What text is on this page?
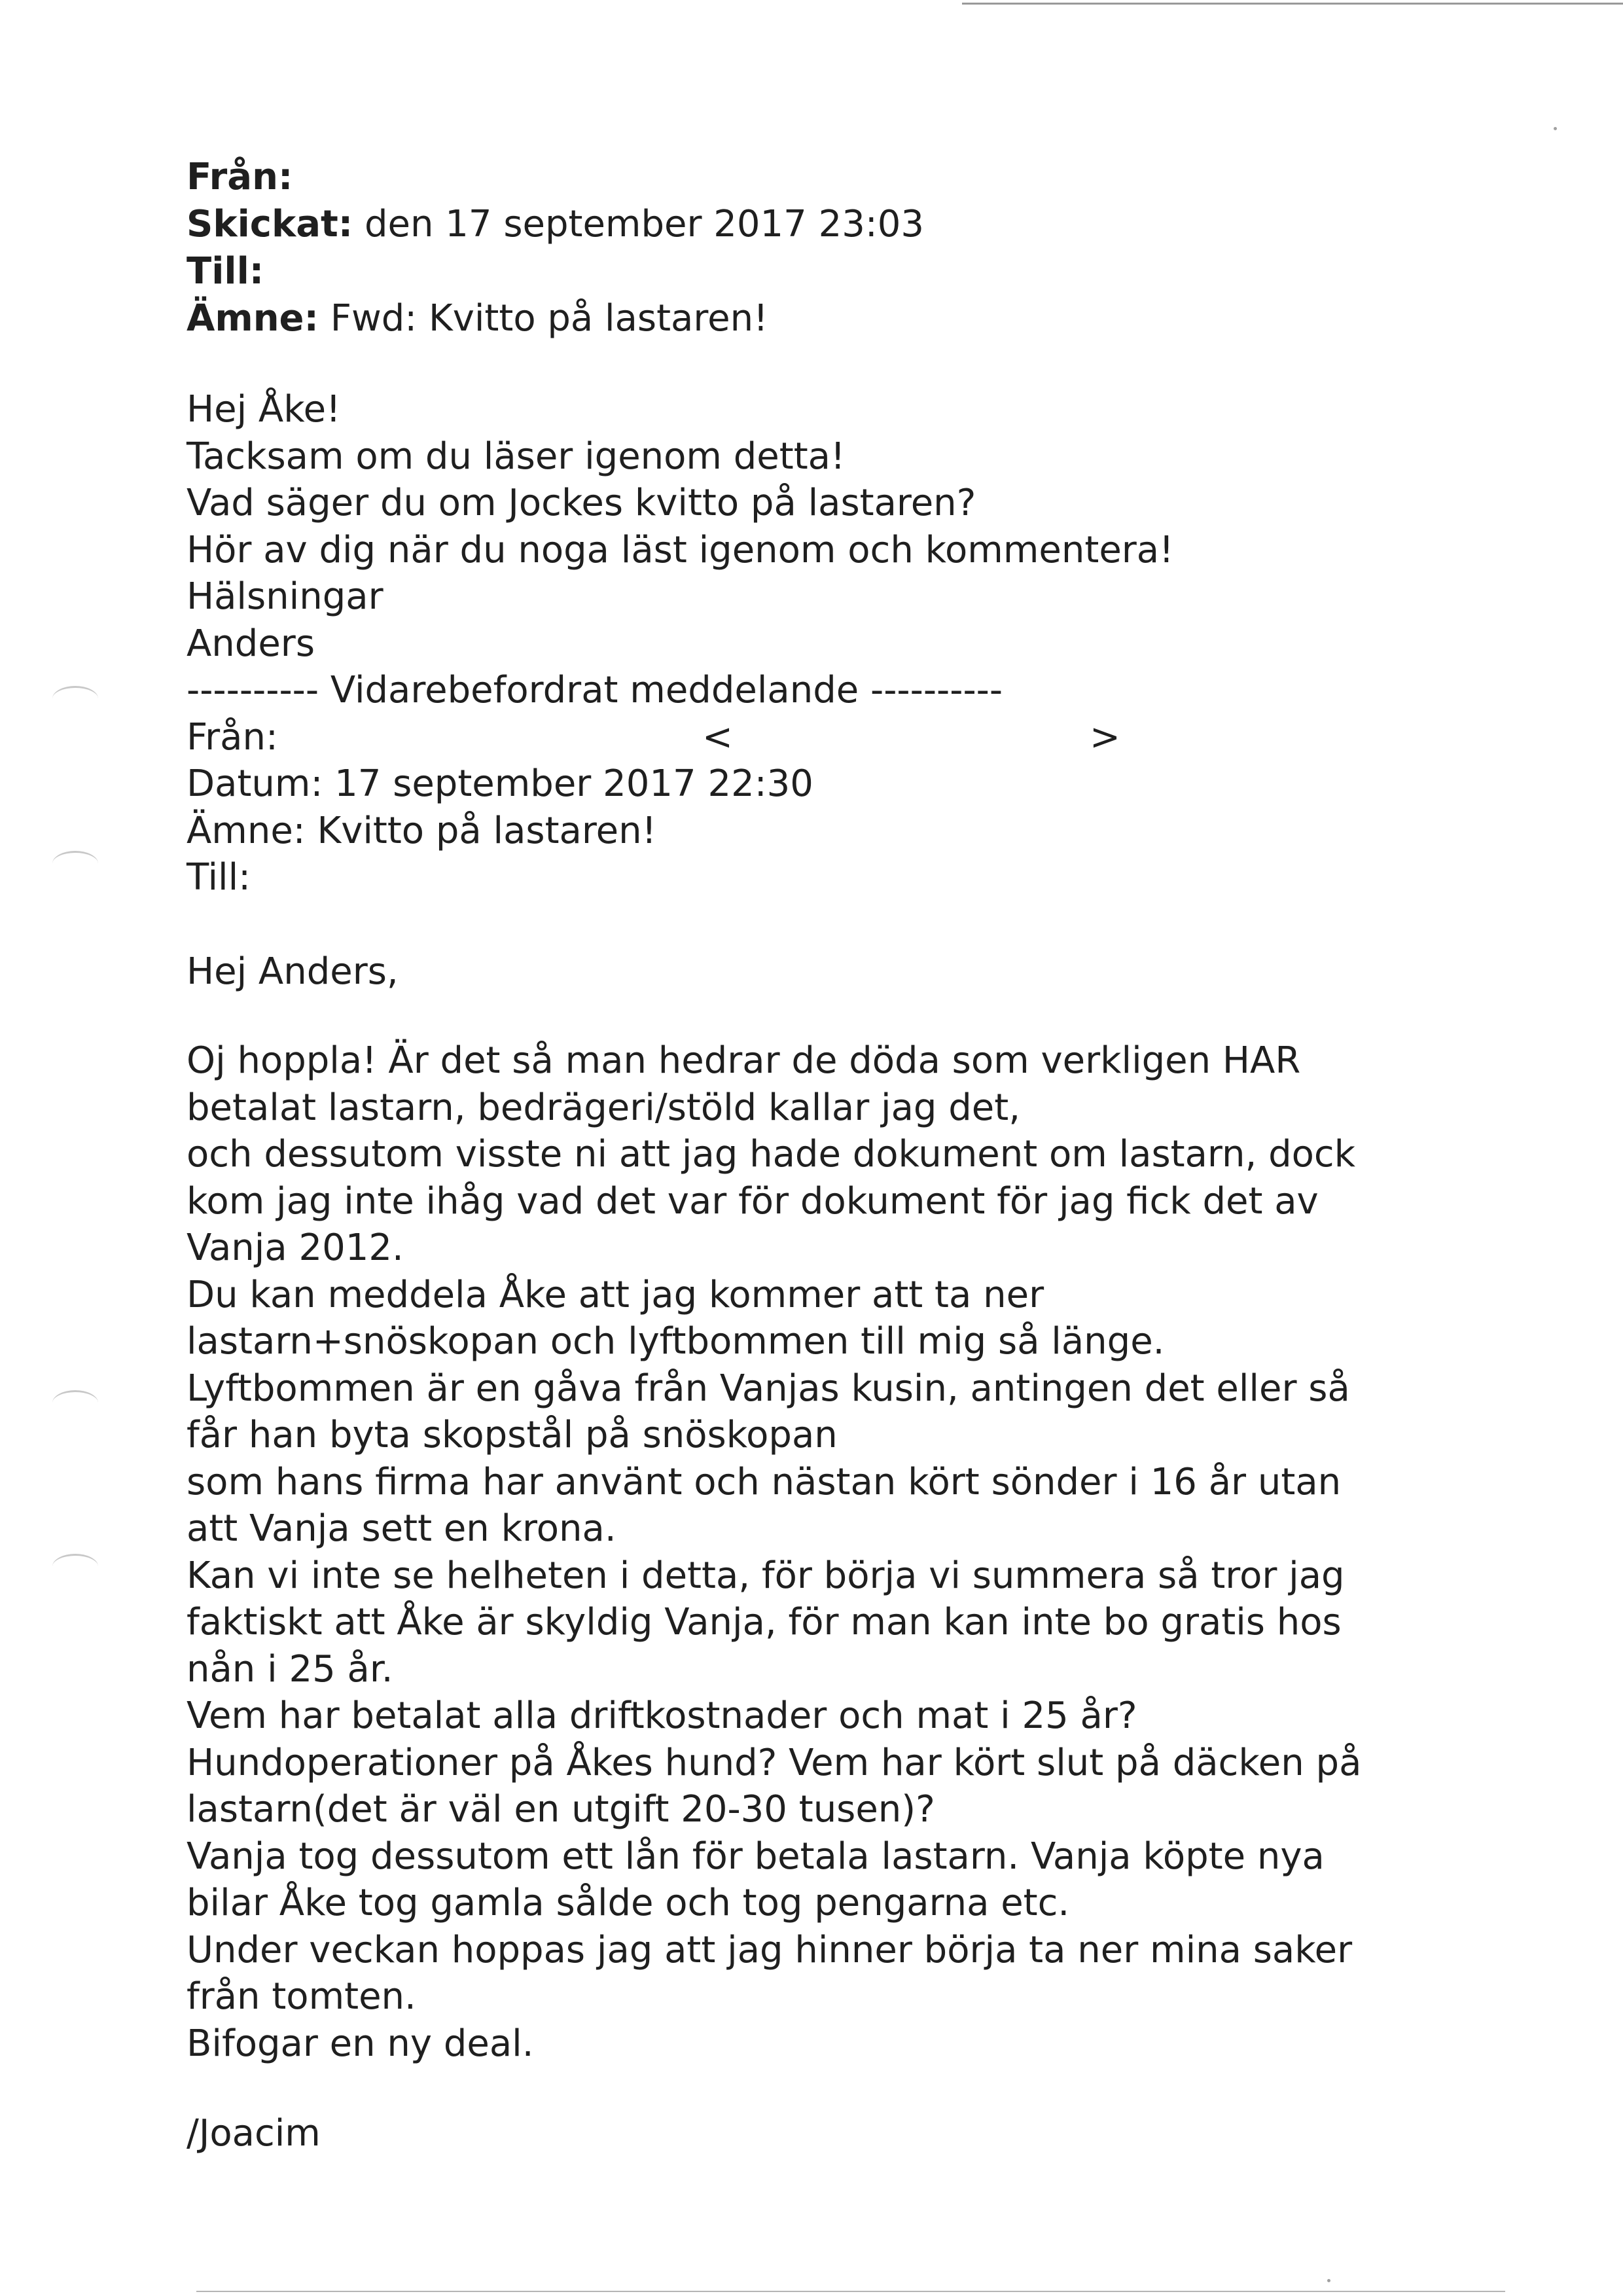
Från:
Skickat: den 17 september 2017 23:03
Till:
Ämne: Fwd: Kvitto på lastaren!
Hej Åke!
Tacksam om du läser igenom detta!
Vad säger du om Jockes kvitto på lastaren?
Hör av dig när du noga läst igenom och kommentera!
Hälsningar
Anders
---------- Vidarebefordrat meddelande ----------
Från:	<	>
Datum: 17 september 2017 22:30
Ämne: Kvitto på lastaren!
Till:
Hej Anders,
Oj hoppla! Är det så man hedrar de döda som verkligen HAR
betalat lastarn, bedrägeri/stöld kallar jag det,
och dessutom visste ni att jag hade dokument om lastarn, dock
kom jag inte ihåg vad det var för dokument för jag fick det av
Vanja 2012.
Du kan meddela Åke att jag kommer att ta ner
lastarn+snöskopan och lyftbommen till mig så länge.
Lyftbommen är en gåva från Vanjas kusin, antingen det eller så
får han byta skopstål på snöskopan
som hans firma har använt och nästan kört sönder i 16 år utan
att Vanja sett en krona.
Kan vi inte se helheten i detta, för börja vi summera så tror jag
faktiskt att Åke är skyldig Vanja, för man kan inte bo gratis hos
nån i 25 år.
Vem har betalat alla driftkostnader och mat i 25 år?
Hundoperationer på Åkes hund? Vem har kört slut på däcken på
lastarn(det är väl en utgift 20-30 tusen)?
Vanja tog dessutom ett lån för betala lastarn. Vanja köpte nya
bilar Åke tog gamla sålde och tog pengarna etc.
Under veckan hoppas jag att jag hinner börja ta ner mina saker
från tomten.
Bifogar en ny deal.
/Joacim
